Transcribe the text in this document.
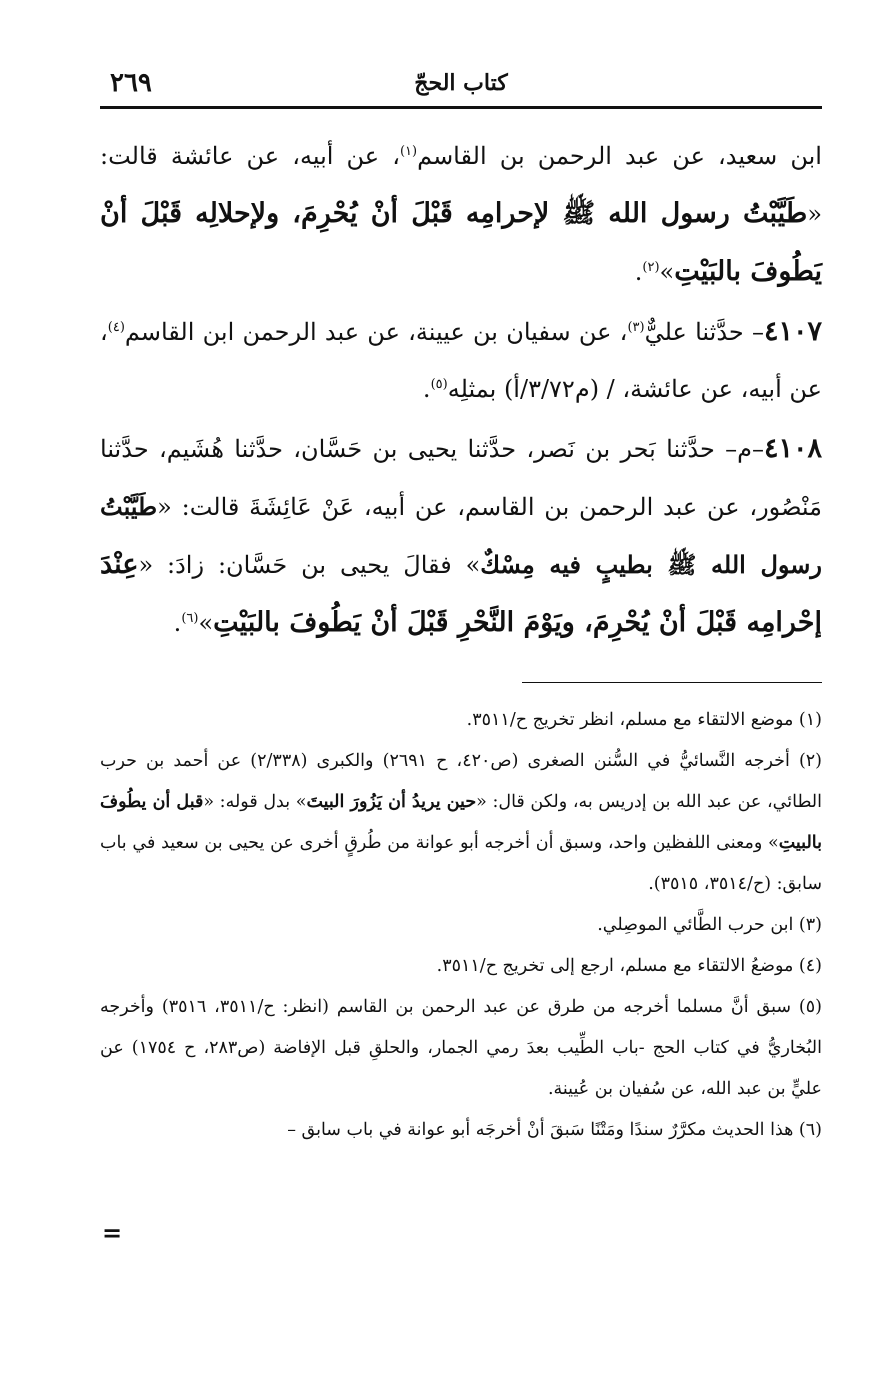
كتاب الحجّ
٢٦٩

ابن سعيد، عن عبد الرحمن بن القاسم$^{(١)}$، عن أبيه، عن عائشة قالت: «طَيَّبْتُ رسول الله ﷺ لإحرامِه قَبْلَ أنْ يُحْرِمَ، ولإحلالِه قَبْلَ أنْ يَطُوفَ بالبَيْتِ»$^{(٢)}$.

٤١٠٧– حدَّثنا عليٌّ$^{(٣)}$، عن سفيان بن عيينة، عن عبد الرحمن ابن القاسم$^{(٤)}$، عن أبيه، عن عائشة، / (م٣/٧٢/أ) بمثلِه$^{(٥)}$.

٤١٠٨–م– حدَّثنا بَحر بن نَصر، حدَّثنا يحيى بن حَسَّان، حدَّثنا هُشَيم، حدَّثنا مَنْصُور، عن عبد الرحمن بن القاسم، عن أبيه، عَنْ عَائِشَةَ قالت: «طَيَّبْتُ رسول الله ﷺ بطيبٍ فيه مِسْكٌ» فقالَ يحيى بن حَسَّان: زادَ: «عِنْدَ إحْرامِه قَبْلَ أنْ يُحْرِمَ، ويَوْمَ النَّحْرِ قَبْلَ أنْ يَطُوفَ بالبَيْتِ»$^{(٦)}$.

(١) موضع الالتقاء مع مسلم، انظر تخريج ح/٣٥١١.

(٢) أخرجه النَّسائيُّ في السُّنن الصغرى (ص٤٢٠، ح ٢٦٩١) والكبرى (٢/٣٣٨) عن أحمد بن حرب الطائي، عن عبد الله بن إدريس به، ولكن قال: «حين يريدُ أن يَزُورَ البيتَ» بدل قوله: «قبل أن يطُوفَ بالبيتِ» ومعنى اللفظين واحد، وسبق أن أخرجه أبو عوانة من طُرقٍ أخرى عن يحيى بن سعيد في باب سابق: (ح/٣٥١٤، ٣٥١٥).

(٣) ابن حرب الطَّائي الموصِلي.

(٤) موضعُ الالتقاء مع مسلم، ارجع إلى تخريج ح/٣٥١١.

(٥) سبق أنَّ مسلما أخرجه من طرق عن عبد الرحمن بن القاسم (انظر: ح/٣٥١١، ٣٥١٦) وأخرجه البُخاريُّ في كتاب الحج -باب الطِّيب بعدَ رمي الجمار، والحلقِ قبل الإفاضة (ص٢٨٣، ح ١٧٥٤) عن عليٍّ بن عبد الله، عن سُفيان بن عُيينة.

(٦) هذا الحديث مكرَّرٌ سندًا ومَتْنًا سَبقَ أنْ أخرجَه أبو عوانة في باب سابق –

=
